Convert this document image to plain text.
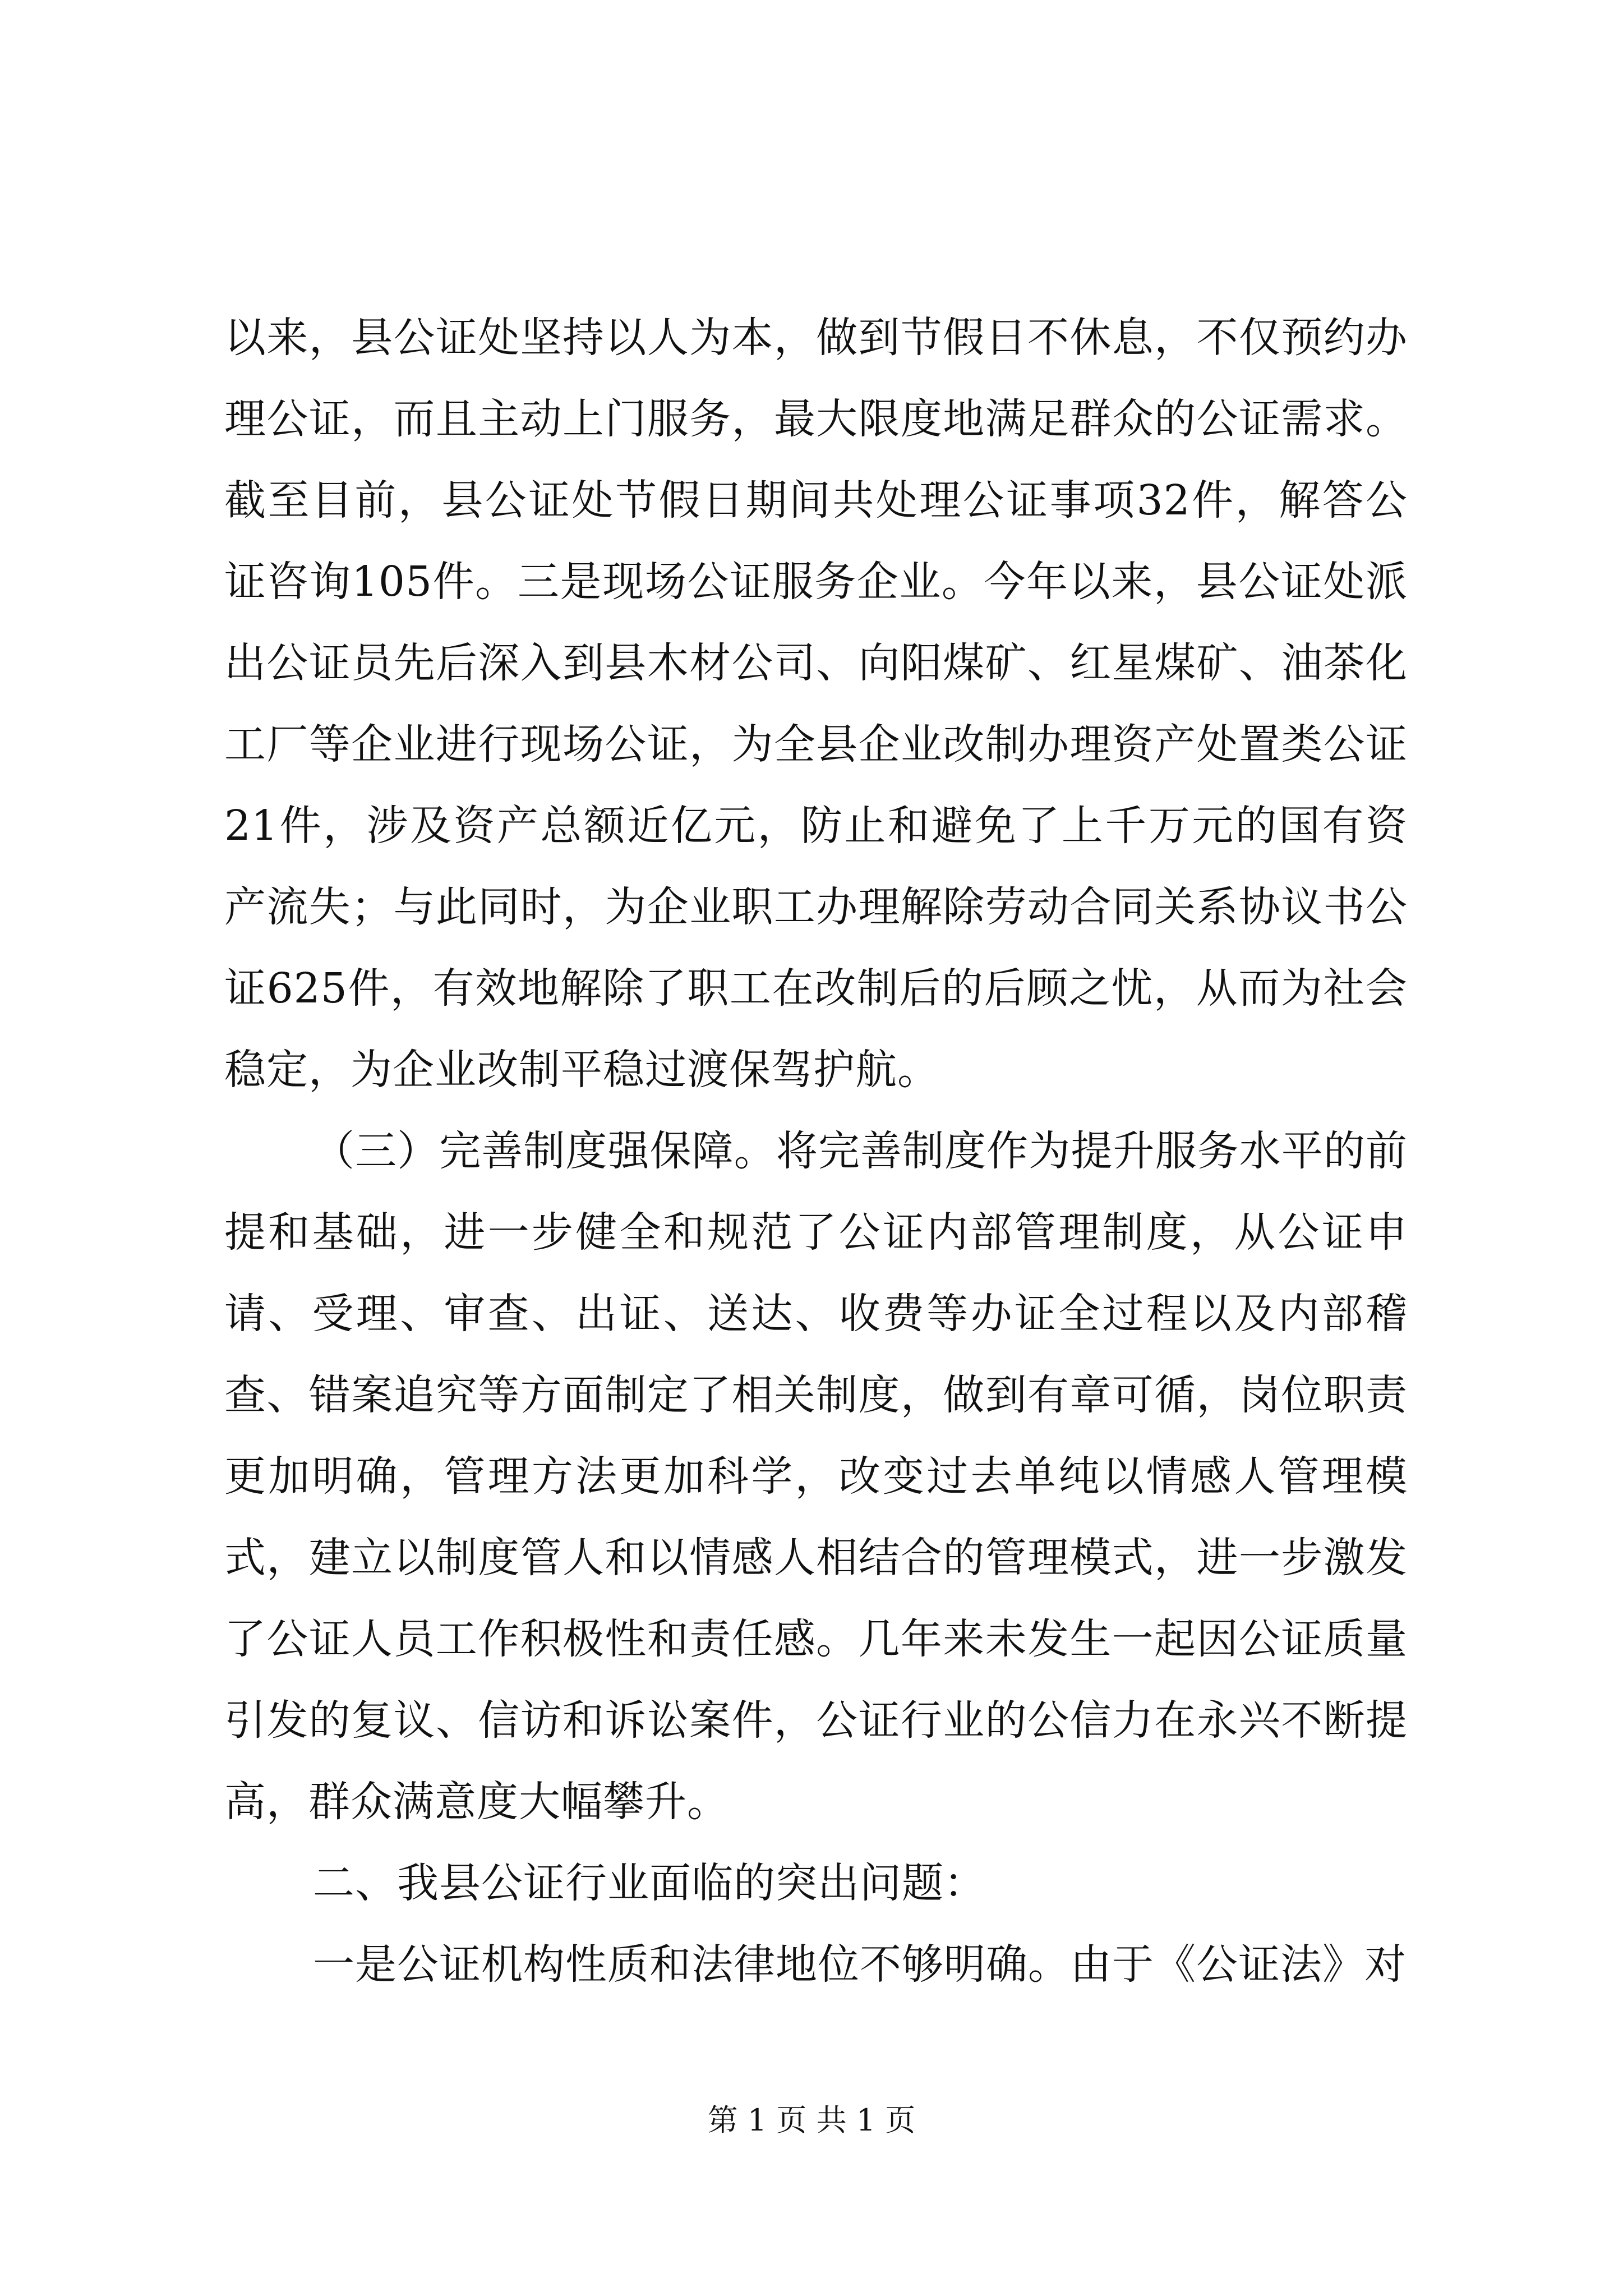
以来，县公证处坚持以人为本，做到节假日不休息，不仅预约办理公证，而且主动上门服务，最大限度地满足群众的公证需求。截至目前，县公证处节假日期间共处理公证事项32件，解答公证咨询105件。三是现场公证服务企业。今年以来，县公证处派出公证员先后深入到县木材公司、向阳煤矿、红星煤矿、油茶化工厂等企业进行现场公证，为全县企业改制办理资产处置类公证21件，涉及资产总额近亿元，防止和避免了上千万元的国有资产流失；与此同时，为企业职工办理解除劳动合同关系协议书公证625件，有效地解除了职工在改制后的后顾之忧，从而为社会稳定，为企业改制平稳过渡保驾护航。

（三）完善制度强保障。将完善制度作为提升服务水平的前提和基础，进一步健全和规范了公证内部管理制度，从公证申请、受理、审查、出证、送达、收费等办证全过程以及内部稽查、错案追究等方面制定了相关制度，做到有章可循，岗位职责更加明确，管理方法更加科学，改变过去单纯以情感人管理模式，建立以制度管人和以情感人相结合的管理模式，进一步激发了公证人员工作积极性和责任感。几年来未发生一起因公证质量引发的复议、信访和诉讼案件，公证行业的公信力在永兴不断提高，群众满意度大幅攀升。

二、我县公证行业面临的突出问题：

一是公证机构性质和法律地位不够明确。由于《公证法》对

第 1 页 共 1 页
